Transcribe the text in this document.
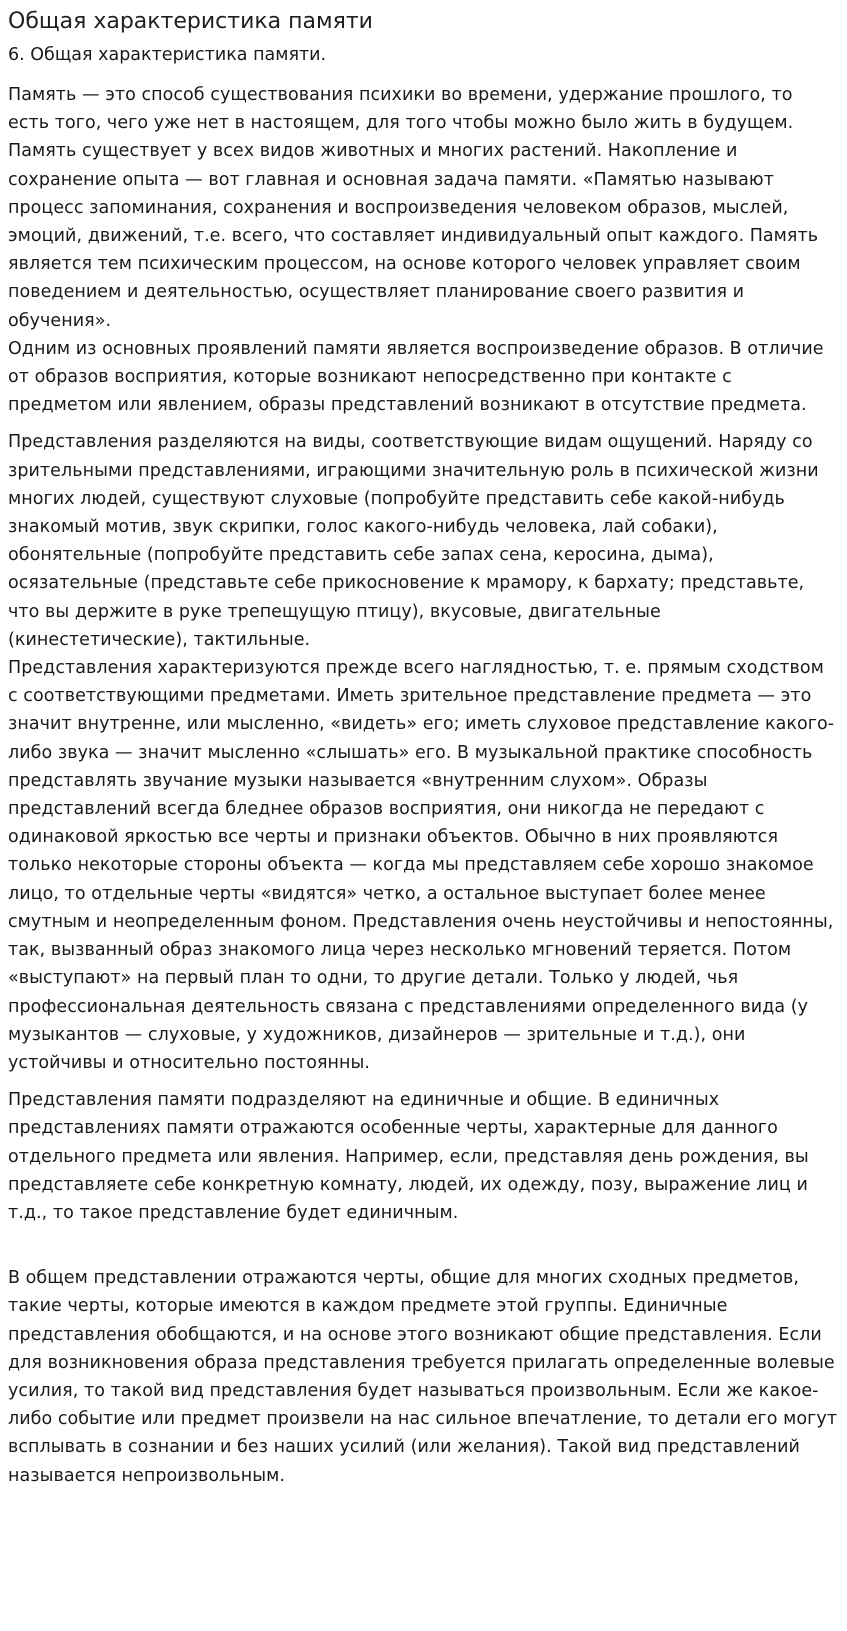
Общая характеристика памяти
6. Общая характеристика памяти.

Память — это способ существования психики во времени, удержание прошлого, то есть того, чего уже нет в настоящем, для того чтобы можно было жить в будущем. Память существует у всех видов животных и многих растений. Накопление и сохранение опыта — вот главная и основная задача памяти. «Памятью называют процесс запоминания, сохранения и воспроизведения человеком образов, мыслей, эмоций, движений, т.е. всего, что составляет индивидуальный опыт каждого. Память является тем психическим процессом, на основе которого человек управляет своим поведением и деятельностью, осуществляет планирование своего развития и обучения».
Одним из основных проявлений памяти является воспроизведение образов. В отличие от образов восприятия, которые возникают непосредственно при контакте с предметом или явлением, образы представлений возникают в отсутствие предмета.

Представления разделяются на виды, соответствующие видам ощущений. Наряду со зрительными представлениями, играющими значительную роль в психической жизни многих людей, существуют слуховые (попробуйте представить себе какой-нибудь знакомый мотив, звук скрипки, голос какого-нибудь человека, лай собаки), обонятельные (попробуйте представить себе запах сена, керосина, дыма), осязательные (представьте себе прикосновение к мрамору, к бархату; представьте, что вы держите в руке трепещущую птицу), вкусовые, двигательные (кинестетические), тактильные.
Представления характеризуются прежде всего наглядностью, т. е. прямым сходством с соответствующими предметами. Иметь зрительное представление предмета — это значит внутренне, или мысленно, «видеть» его; иметь слуховое представление какого-либо звука — значит мысленно «слышать» его. В музыкальной практике способность представлять звучание музыки называется «внутренним слухом». Образы представлений всегда бледнее образов восприятия, они никогда не передают с одинаковой яркостью все черты и признаки объектов. Обычно в них проявляются только некоторые стороны объекта — когда мы представляем себе хорошо знакомое лицо, то отдельные черты «видятся» четко, а остальное выступает более менее смутным и неопределенным фоном. Представления очень неустойчивы и непостоянны, так, вызванный образ знакомого лица через несколько мгновений теряется. Потом «выступают» на первый план то одни, то другие детали. Только у людей, чья профессиональная деятельность связана с представлениями определенного вида (у музыкантов — слуховые, у художников, дизайнеров — зрительные и т.д.), они устойчивы и относительно постоянны.

Представления памяти подразделяют на единичные и общие. В единичных представлениях памяти отражаются особенные черты, характерные для данного отдельного предмета или явления. Например, если, представляя день рождения, вы представляете себе конкретную комнату, людей, их одежду, позу, выражение лиц и т.д., то такое представление будет единичным.

В общем представлении отражаются черты, общие для многих сходных предметов, такие черты, которые имеются в каждом предмете этой группы. Единичные представления обобщаются, и на основе этого возникают общие представления. Если для возникновения образа представления требуется прилагать определенные волевые усилия, то такой вид представления будет называться произвольным. Если же какое-либо событие или предмет произвели на нас сильное впечатление, то детали его могут всплывать в сознании и без наших усилий (или желания). Такой вид представлений называется непроизвольным.
